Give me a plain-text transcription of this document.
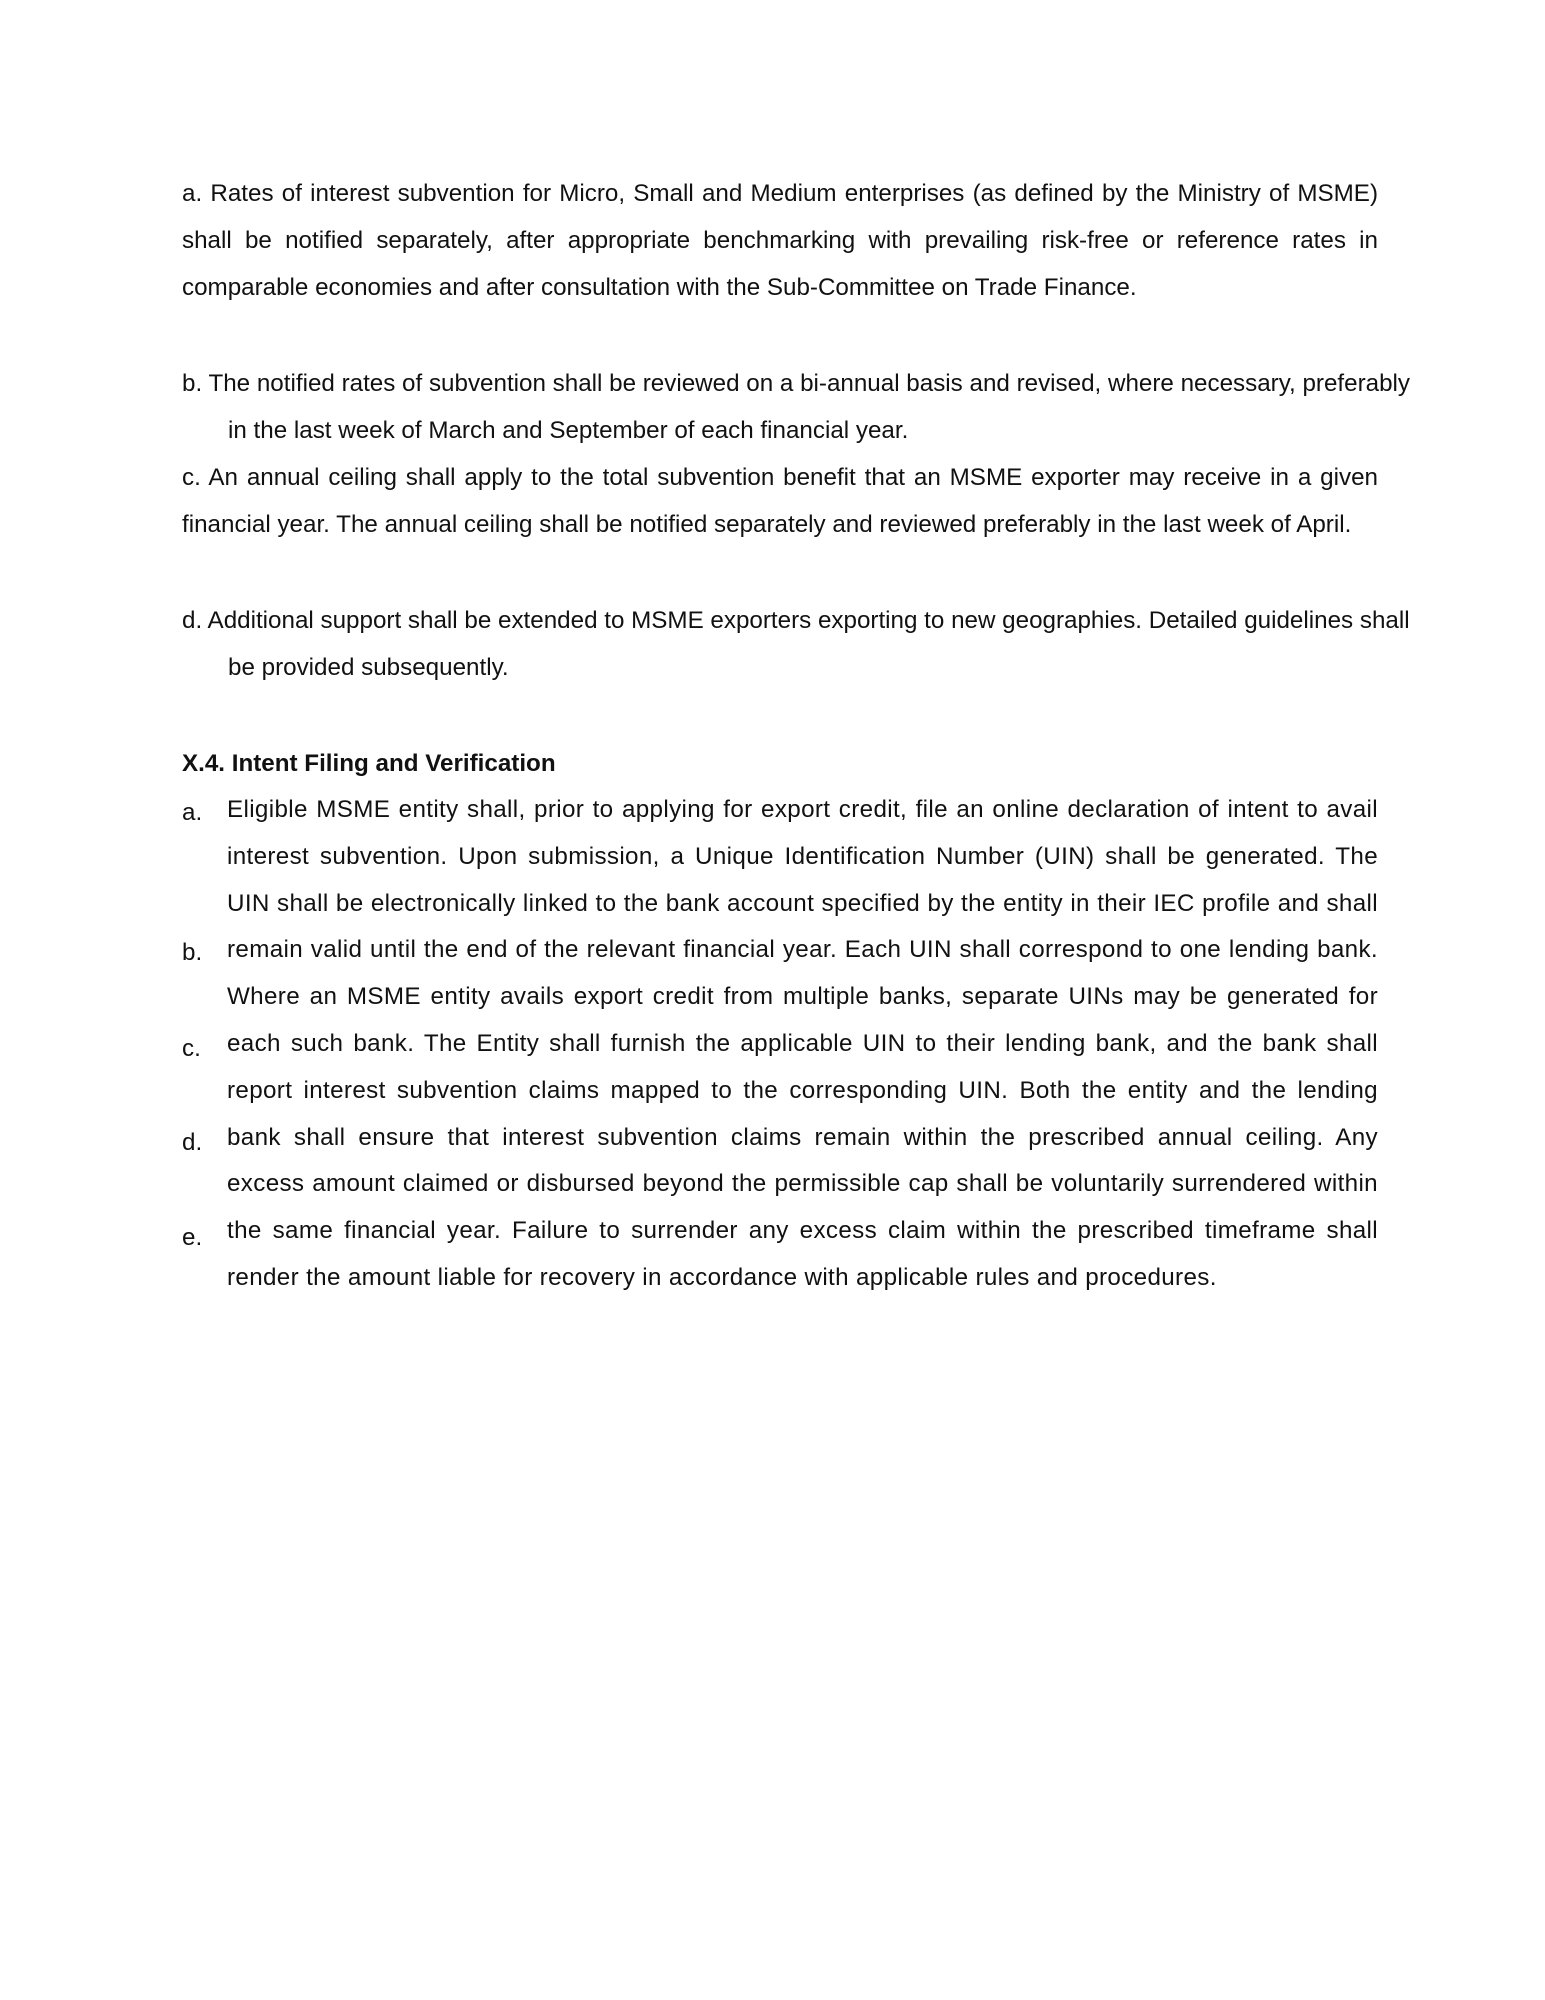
a. Rates of interest subvention for Micro, Small and Medium enterprises (as defined by the Ministry of MSME) shall be notified separately, after appropriate benchmarking with prevailing risk-free or reference rates in comparable economies and after consultation with the Sub-Committee on Trade Finance.

b. The notified rates of subvention shall be reviewed on a bi-annual basis and revised, where necessary, preferably in the last week of March and September of each financial year.

c. An annual ceiling shall apply to the total subvention benefit that an MSME exporter may receive in a given financial year. The annual ceiling shall be notified separately and reviewed preferably in the last week of April.

d. Additional support shall be extended to MSME exporters exporting to new geographies. Detailed guidelines shall be provided subsequently.

X.4. Intent Filing and Verification
a.
b.
c.
d.
e.

Eligible MSME entity shall, prior to applying for export credit, file an online declaration of intent to avail interest subvention. Upon submission, a Unique Identification Number (UIN) shall be generated. The UIN shall be electronically linked to the bank account specified by the entity in their IEC profile and shall remain valid until the end of the relevant financial year. Each UIN shall correspond to one lending bank. Where an MSME entity avails export credit from multiple banks, separate UINs may be generated for each such bank. The Entity shall furnish the applicable UIN to their lending bank, and the bank shall report interest subvention claims mapped to the corresponding UIN. Both the entity and the lending bank shall ensure that interest subvention claims remain within the prescribed annual ceiling. Any excess amount claimed or disbursed beyond the permissible cap shall be voluntarily surrendered within the same financial year. Failure to surrender any excess claim within the prescribed timeframe shall render the amount liable for recovery in accordance with applicable rules and procedures.
